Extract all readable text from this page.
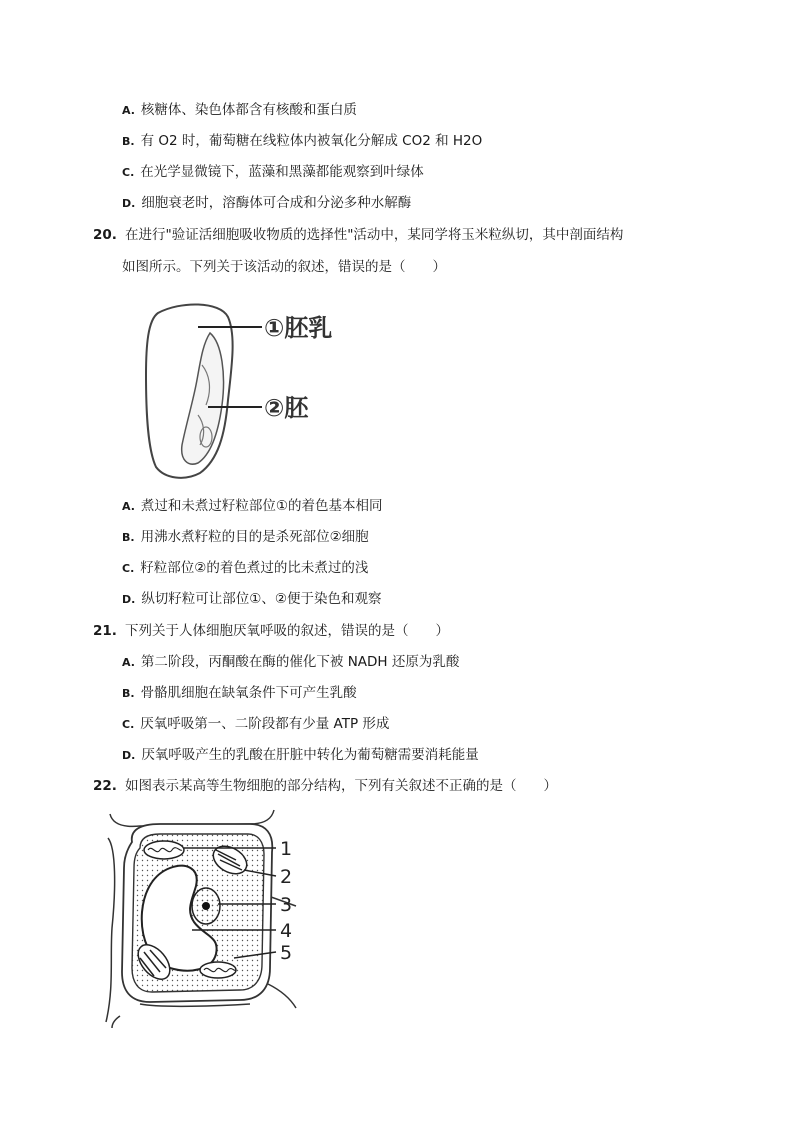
A. 核糖体、染色体都含有核酸和蛋白质
B. 有 O2 时，葡萄糖在线粒体内被氧化分解成 CO2 和 H2O
C. 在光学显微镜下，蓝藻和黑藻都能观察到叶绿体
D. 细胞衰老时，溶酶体可合成和分泌多种水解酶
20. 在进行"验证活细胞吸收物质的选择性"活动中，某同学将玉米粒纵切，其中剖面结构
如图所示。下列关于该活动的叙述，错误的是（　　）
①胚乳
②胚
A. 煮过和未煮过籽粒部位①的着色基本相同
B. 用沸水煮籽粒的目的是杀死部位②细胞
C. 籽粒部位②的着色煮过的比未煮过的浅
D. 纵切籽粒可让部位①、②便于染色和观察
21. 下列关于人体细胞厌氧呼吸的叙述，错误的是（　　）
A. 第二阶段，丙酮酸在酶的催化下被 NADH 还原为乳酸
B. 骨骼肌细胞在缺氧条件下可产生乳酸
C. 厌氧呼吸第一、二阶段都有少量 ATP 形成
D. 厌氧呼吸产生的乳酸在肝脏中转化为葡萄糖需要消耗能量
22. 如图表示某高等生物细胞的部分结构，下列有关叙述不正确的是（　　）
1
2
3
4
5
